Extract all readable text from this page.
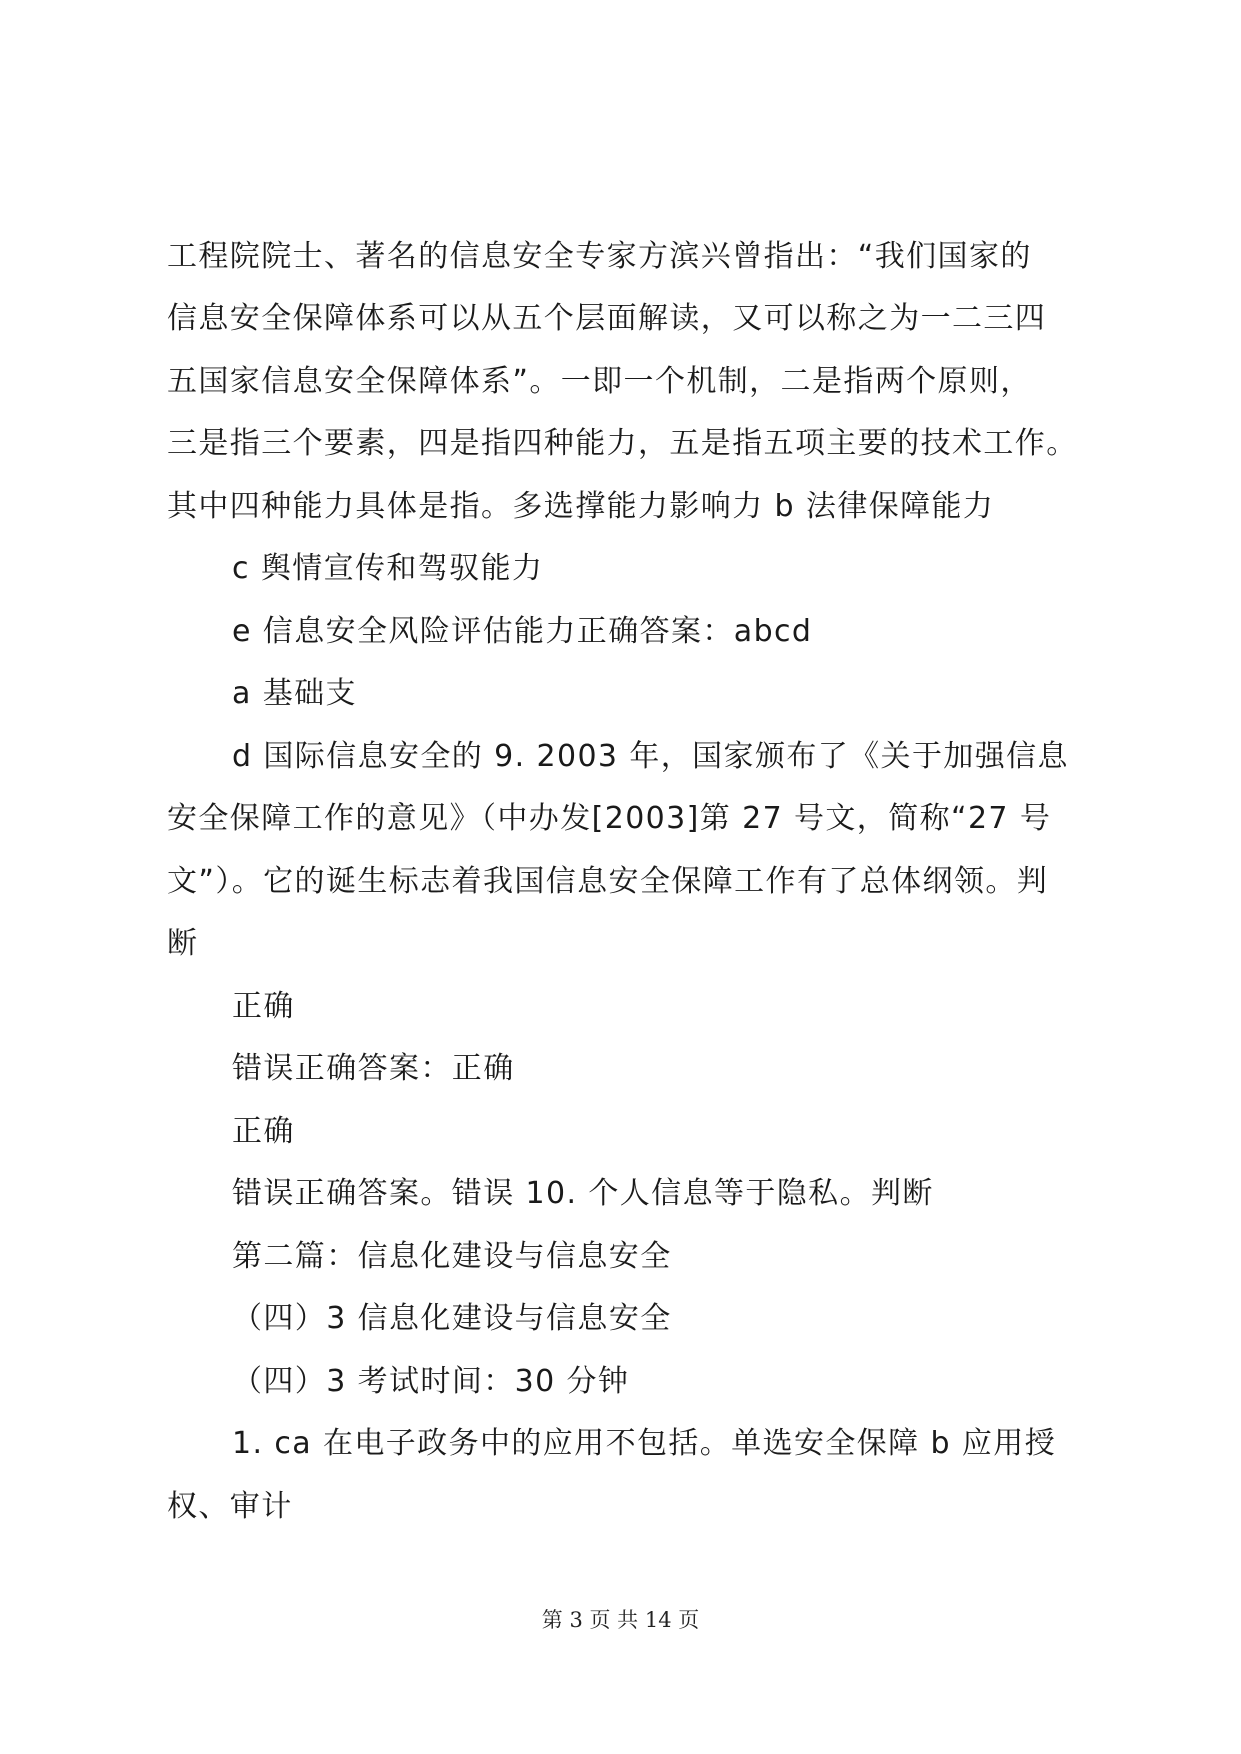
工程院院士、著名的信息安全专家方滨兴曾指出：“我们国家的
信息安全保障体系可以从五个层面解读，又可以称之为一二三四
五国家信息安全保障体系”。一即一个机制，二是指两个原则，
三是指三个要素，四是指四种能力，五是指五项主要的技术工作。
其中四种能力具体是指。多选撑能力影响力 b 法律保障能力
c 舆情宣传和驾驭能力
e 信息安全风险评估能力正确答案：abcd
a 基础支
d 国际信息安全的 9. 2003 年，国家颁布了《关于加强信息
安全保障工作的意见》（中办发[2003]第 27 号文，简称“27 号
文”）。它的诞生标志着我国信息安全保障工作有了总体纲领。判
断
正确
错误正确答案：正确
正确
错误正确答案。错误 10. 个人信息等于隐私。判断
第二篇：信息化建设与信息安全
（四）3 信息化建设与信息安全
（四）3 考试时间：30 分钟
1. ca 在电子政务中的应用不包括。单选安全保障 b 应用授
权、审计
第 3 页 共 14 页
